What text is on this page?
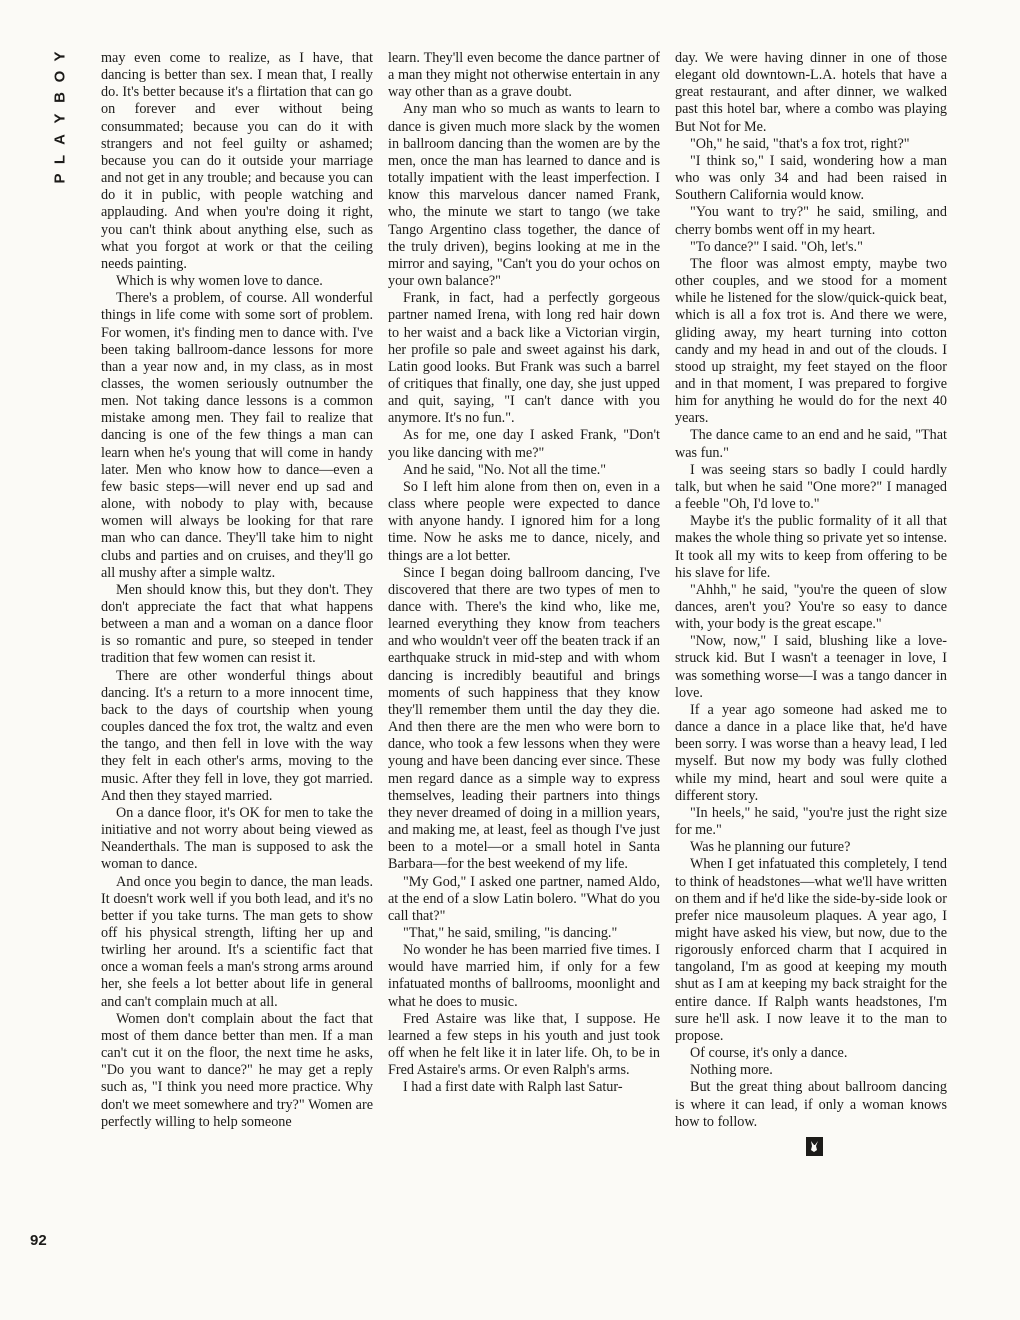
Y
O
B
Y
A
L
P
92

may even come to realize, as I have, that dancing is better than sex. I mean that, I really do. It's better because it's a flirtation that can go on forever and ever without being consummated; because you can do it with strangers and not feel guilty or ashamed; because you can do it outside your marriage and not get in any trouble; and because you can do it in public, with people watching and applauding. And when you're doing it right, you can't think about anything else, such as what you forgot at work or that the ceiling needs painting.

Which is why women love to dance.

There's a problem, of course. All wonderful things in life come with some sort of problem. For women, it's finding men to dance with. I've been taking ballroom-dance lessons for more than a year now and, in my class, as in most classes, the women seriously outnumber the men. Not taking dance lessons is a common mistake among men. They fail to realize that dancing is one of the few things a man can learn when he's young that will come in handy later. Men who know how to dance—even a few basic steps—will never end up sad and alone, with nobody to play with, because women will always be looking for that rare man who can dance. They'll take him to night clubs and parties and on cruises, and they'll go all mushy after a simple waltz.

Men should know this, but they don't. They don't appreciate the fact that what happens between a man and a woman on a dance floor is so romantic and pure, so steeped in tender tradition that few women can resist it.

There are other wonderful things about dancing. It's a return to a more innocent time, back to the days of courtship when young couples danced the fox trot, the waltz and even the tango, and then fell in love with the way they felt in each other's arms, moving to the music. After they fell in love, they got married. And then they stayed married.

On a dance floor, it's OK for men to take the initiative and not worry about being viewed as Neanderthals. The man is supposed to ask the woman to dance.

And once you begin to dance, the man leads. It doesn't work well if you both lead, and it's no better if you take turns. The man gets to show off his physical strength, lifting her up and twirling her around. It's a scientific fact that once a woman feels a man's strong arms around her, she feels a lot better about life in general and can't complain much at all.

Women don't complain about the fact that most of them dance better than men. If a man can't cut it on the floor, the next time he asks, "Do you want to dance?" he may get a reply such as, "I think you need more practice. Why don't we meet somewhere and try?" Women are perfectly willing to help someone

learn. They'll even become the dance partner of a man they might not otherwise entertain in any way other than as a grave doubt.

Any man who so much as wants to learn to dance is given much more slack by the women in ballroom dancing than the women are by the men, once the man has learned to dance and is totally impatient with the least imperfection. I know this marvelous dancer named Frank, who, the minute we start to tango (we take Tango Argentino class together, the dance of the truly driven), begins looking at me in the mirror and saying, "Can't you do your ochos on your own balance?"

Frank, in fact, had a perfectly gorgeous partner named Irena, with long red hair down to her waist and a back like a Victorian virgin, her profile so pale and sweet against his dark, Latin good looks. But Frank was such a barrel of critiques that finally, one day, she just upped and quit, saying, "I can't dance with you anymore. It's no fun.".

As for me, one day I asked Frank, "Don't you like dancing with me?"

And he said, "No. Not all the time."

So I left him alone from then on, even in a class where people were expected to dance with anyone handy. I ignored him for a long time. Now he asks me to dance, nicely, and things are a lot better.

Since I began doing ballroom dancing, I've discovered that there are two types of men to dance with. There's the kind who, like me, learned everything they know from teachers and who wouldn't veer off the beaten track if an earthquake struck in mid-step and with whom dancing is incredibly beautiful and brings moments of such happiness that they know they'll remember them until the day they die. And then there are the men who were born to dance, who took a few lessons when they were young and have been dancing ever since. These men regard dance as a simple way to express themselves, leading their partners into things they never dreamed of doing in a million years, and making me, at least, feel as though I've just been to a motel—or a small hotel in Santa Barbara—for the best weekend of my life.

"My God," I asked one partner, named Aldo, at the end of a slow Latin bolero. "What do you call that?"

"That," he said, smiling, "is dancing."

No wonder he has been married five times. I would have married him, if only for a few infatuated months of ballrooms, moonlight and what he does to music.

Fred Astaire was like that, I suppose. He learned a few steps in his youth and just took off when he felt like it in later life. Oh, to be in Fred Astaire's arms. Or even Ralph's arms.

I had a first date with Ralph last Satur-

day. We were having dinner in one of those elegant old downtown-L.A. hotels that have a great restaurant, and after dinner, we walked past this hotel bar, where a combo was playing But Not for Me.

"Oh," he said, "that's a fox trot, right?"

"I think so," I said, wondering how a man who was only 34 and had been raised in Southern California would know.

"You want to try?" he said, smiling, and cherry bombs went off in my heart.

"To dance?" I said. "Oh, let's."

The floor was almost empty, maybe two other couples, and we stood for a moment while he listened for the slow/quick-quick beat, which is all a fox trot is. And there we were, gliding away, my heart turning into cotton candy and my head in and out of the clouds. I stood up straight, my feet stayed on the floor and in that moment, I was prepared to forgive him for anything he would do for the next 40 years.

The dance came to an end and he said, "That was fun."

I was seeing stars so badly I could hardly talk, but when he said "One more?" I managed a feeble "Oh, I'd love to."

Maybe it's the public formality of it all that makes the whole thing so private yet so intense. It took all my wits to keep from offering to be his slave for life.

"Ahhh," he said, "you're the queen of slow dances, aren't you? You're so easy to dance with, your body is the great escape."

"Now, now," I said, blushing like a love-struck kid. But I wasn't a teenager in love, I was something worse—I was a tango dancer in love.

If a year ago someone had asked me to dance a dance in a place like that, he'd have been sorry. I was worse than a heavy lead, I led myself. But now my body was fully clothed while my mind, heart and soul were quite a different story.

"In heels," he said, "you're just the right size for me."

Was he planning our future?

When I get infatuated this completely, I tend to think of headstones—what we'll have written on them and if he'd like the side-by-side look or prefer nice mausoleum plaques. A year ago, I might have asked his view, but now, due to the rigorously enforced charm that I acquired in tangoland, I'm as good at keeping my mouth shut as I am at keeping my back straight for the entire dance. If Ralph wants headstones, I'm sure he'll ask. I now leave it to the man to propose.

Of course, it's only a dance.

Nothing more.

But the great thing about ballroom dancing is where it can lead, if only a woman knows how to follow.
